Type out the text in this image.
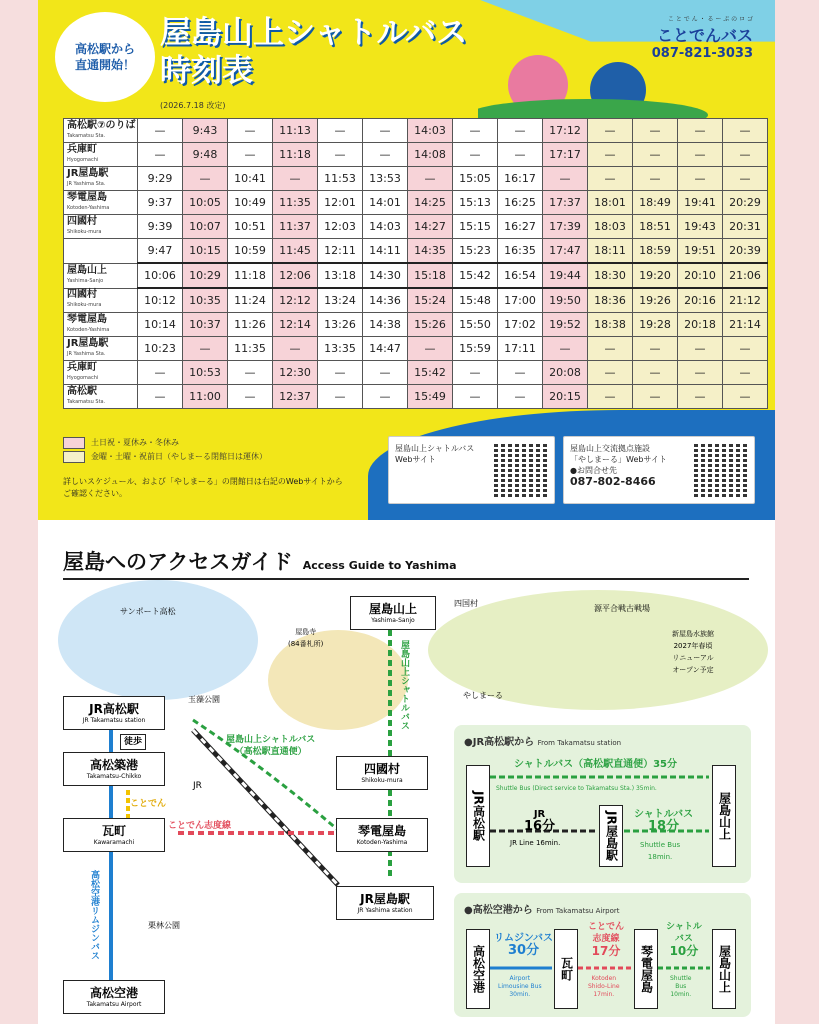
高松駅から
直通開始！
屋島山上シャトルバス
時刻表
(2026.7.18 改定)
こ と で ん ・ る ー ぷ の ロ ゴ
ことでんバス
087-821-3033
高松駅⑦のりば
Takamatsu Sta.	—	9:43	—	11:13	—	—	14:03	—	—	17:12	—	—	—	—

兵庫町
Hyogomachi	—	9:48	—	11:18	—	—	14:08	—	—	17:17	—	—	—	—

JR屋島駅
JR Yashima Sta.	9:29	—	10:41	—	11:53	13:53	—	15:05	16:17	—	—	—	—	—

琴電屋島
Kotoden-Yashima	9:37	10:05	10:49	11:35	12:01	14:01	14:25	15:13	16:25	17:37	18:01	18:49	19:41	20:29

四國村
Shikoku-mura	9:39	10:07	10:51	11:37	12:03	14:03	14:27	15:15	16:27	17:39	18:03	18:51	19:43	20:31

	9:47	10:15	10:59	11:45	12:11	14:11	14:35	15:23	16:35	17:47	18:11	18:59	19:51	20:39

屋島山上
Yashima-Sanjo	10:06	10:29	11:18	12:06	13:18	14:30	15:18	15:42	16:54	19:44	18:30	19:20	20:10	21:06

四國村
Shikoku-mura	10:12	10:35	11:24	12:12	13:24	14:36	15:24	15:48	17:00	19:50	18:36	19:26	20:16	21:12

琴電屋島
Kotoden-Yashima	10:14	10:37	11:26	12:14	13:26	14:38	15:26	15:50	17:02	19:52	18:38	19:28	20:18	21:14

JR屋島駅
JR Yashima Sta.	10:23	—	11:35	—	13:35	14:47	—	15:59	17:11	—	—	—	—	—

兵庫町
Hyogomachi	—	10:53	—	12:30	—	—	15:42	—	—	20:08	—	—	—	—

高松駅
Takamatsu Sta.	—	11:00	—	12:37	—	—	15:49	—	—	20:15	—	—	—	—
土日祝・夏休み・冬休み
金曜・土曜・祝前日（やしまーる閉館日は運休）
詳しいスケジュール、および「やしまーる」の閉館日は右記のWebサイトからご確認ください。
屋島山上シャトルバス
Webサイト
屋島山上交流拠点施設
「やしまーる」Webサイト
●お問合せ先
087-802-8466
屋島へのアクセスガイド Access Guide to Yashima
屋島山上
Yashima-Sanjo
JR高松駅
JR Takamatsu station
高松築港
Takamatsu-Chikko
瓦町
Kawaramachi
四國村
Shikoku-mura
琴電屋島
Kotoden-Yashima
JR屋島駅
JR Yashima station
高松空港
Takamatsu Airport
徒歩
ことでん
ことでん志度線
JR
屋島山上シャトルバス
（高松駅直通便）
高松空港リムジンバス
屋島山上シャトルバス
サンポート高松
玉藻公園
栗林公園
屋島寺
(84番札所)
四国村
源平合戦古戦場
やしまーる
新屋島水族館
2027年春頃
リニューアル
オープン予定
●JR高松駅から From Takamatsu station
JR高松駅	JR屋島駅	屋島山上
シャトルバス（高松駅直通便）35分
Shuttle Bus (Direct service to Takamatsu Sta.) 35min.
JR
16分
JR Line 16min.
シャトルバス
18分
Shuttle Bus
18min.
●高松空港から From Takamatsu Airport
高松空港	瓦町	琴電屋島	屋島山上
リムジンバス
30分
Airport
Limousine Bus
30min.
ことでん
志度線
17分
Kotoden
Shido-Line
17min.
シャトル
バス
10分
Shuttle
Bus
10min.
